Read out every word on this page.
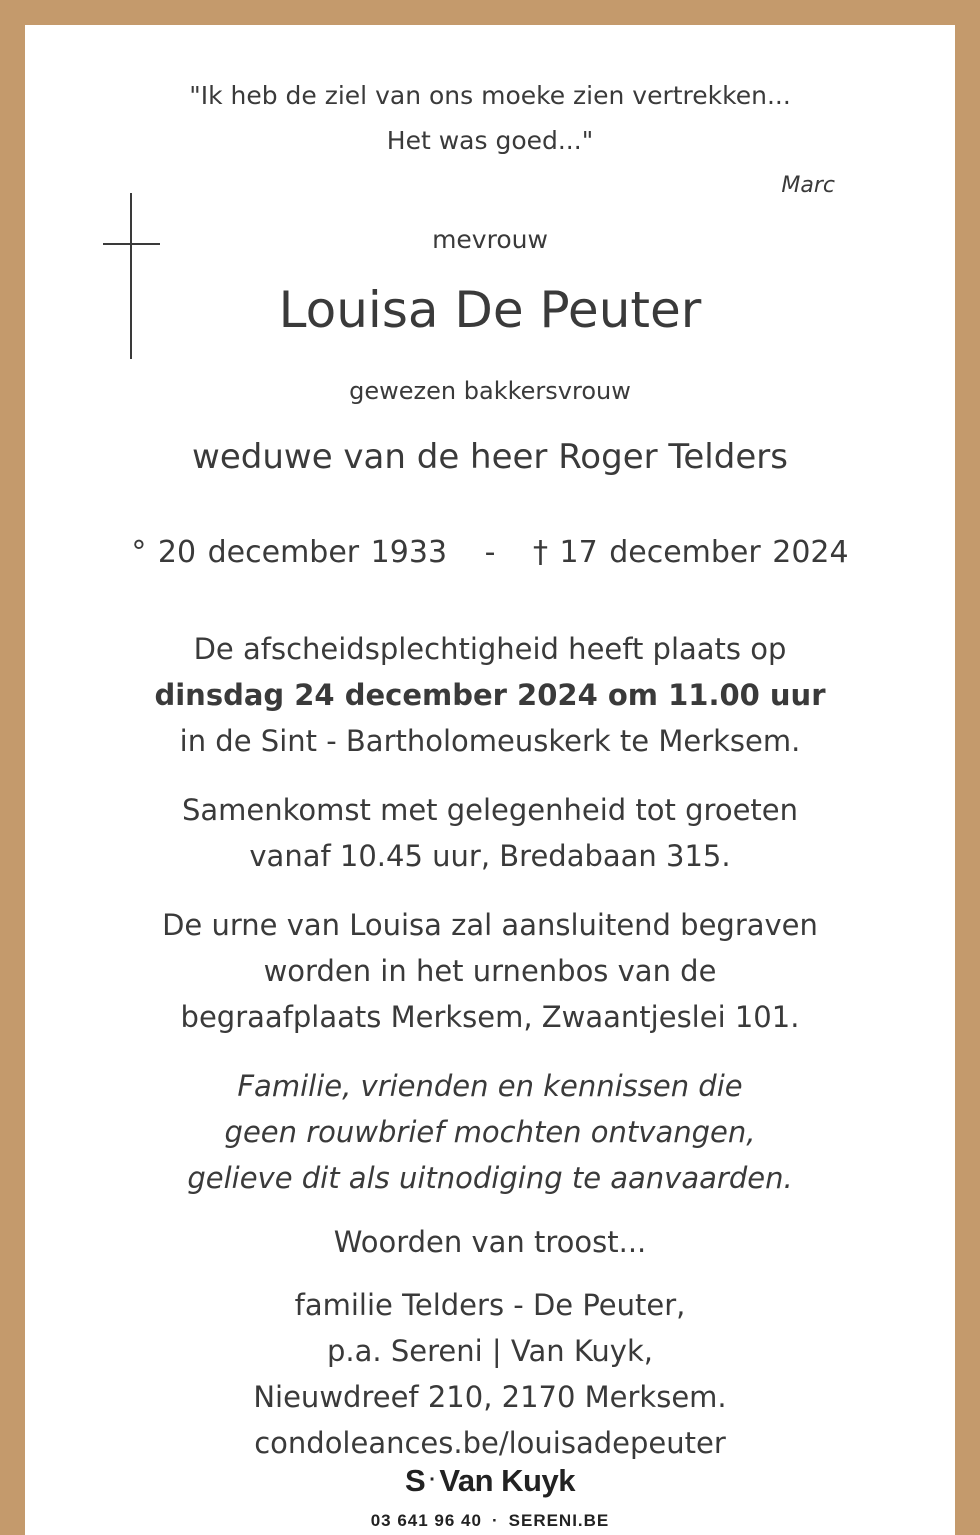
"Ik heb de ziel van ons moeke zien vertrekken...
Het was goed..."
Marc
mevrouw
Louisa De Peuter
gewezen bakkersvrouw
weduwe van de heer Roger Telders
° 20 december 1933 - † 17 december 2024
De afscheidsplechtigheid heeft plaats op
dinsdag 24 december 2024 om 11.00 uur
in de Sint - Bartholomeuskerk te Merksem.
Samenkomst met gelegenheid tot groeten
vanaf 10.45 uur, Bredabaan 315.
De urne van Louisa zal aansluitend begraven
worden in het urnenbos van de
begraafplaats Merksem, Zwaantjeslei 101.
Familie, vrienden en kennissen die
geen rouwbrief mochten ontvangen,
gelieve dit als uitnodiging te aanvaarden.
Woorden van troost...
familie Telders - De Peuter,
p.a. Sereni | Van Kuyk,
Nieuwdreef 210, 2170 Merksem.
condoleances.be/louisadepeuter
S · Van Kuyk
03 641 96 40 · SERENI.BE
